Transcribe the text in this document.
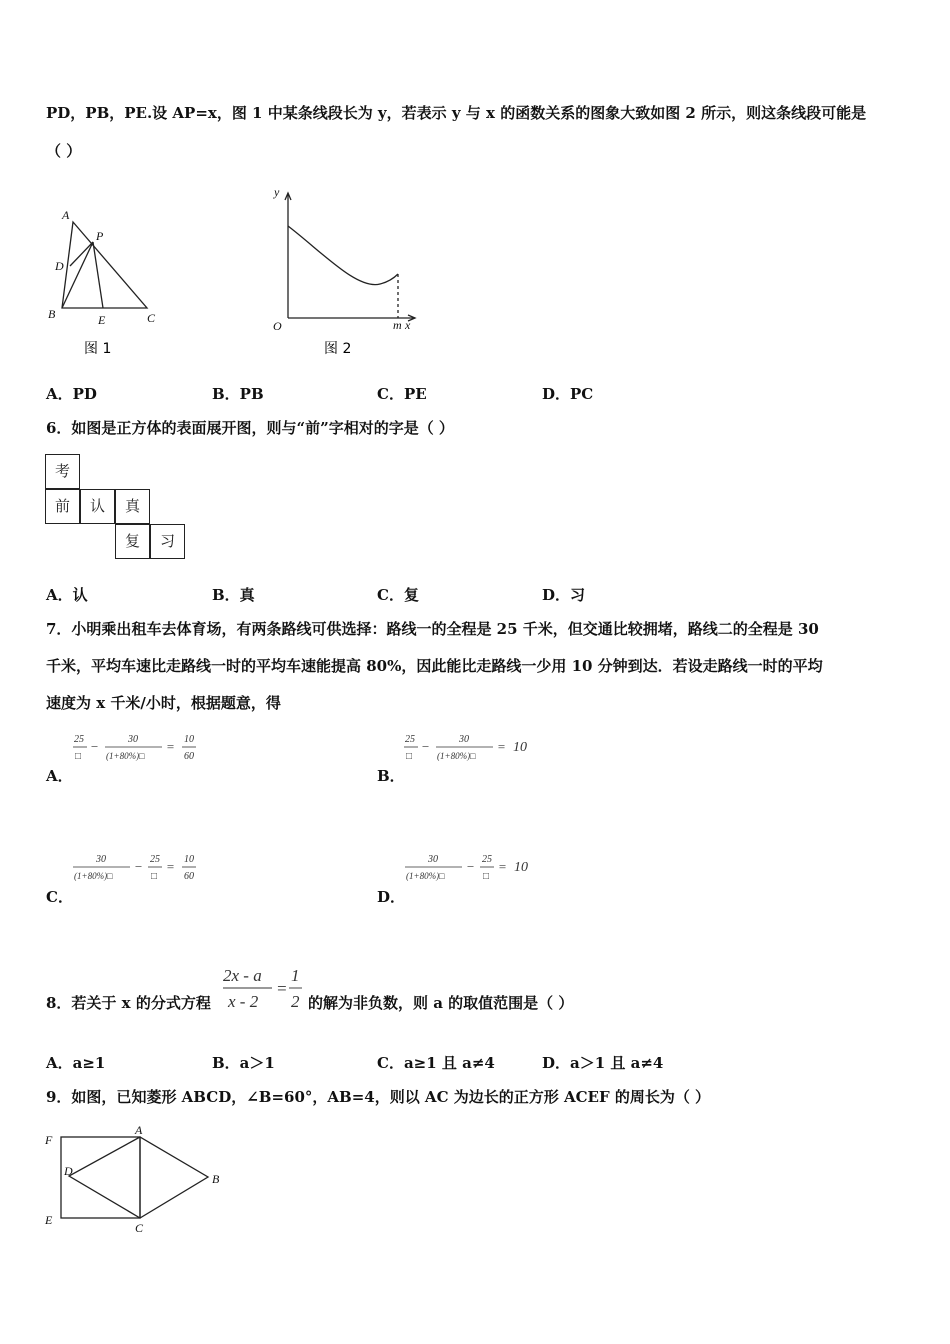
PD，PB，PE.设 AP=x，图 1 中某条线段长为 y，若表示 y 与 x 的函数关系的图象大致如图 2 所示，则这条线段可能是
（ ）
A
P
D
B	E	C
图 1
y
O	m x
图 2
A．PD	B．PB	C．PE	D．PC
6．如图是正方体的表面展开图，则与“前”字相对的字是（ ）
考
前	认	真
复	习
A．认	B．真	C．复	D．习
7．小明乘出租车去体育场，有两条路线可供选择：路线一的全程是 25 千米，但交通比较拥堵，路线二的全程是 30
千米，平均车速比走路线一时的平均车速能提高 80%，因此能比走路线一少用 10 分钟到达．若设走路线一时的平均
速度为 x 千米/小时，根据题意，得
25
□
−	30
(1+80%)□
= 10
60
A．
25
□
−	30
(1+80%)□
= 10
B．
30
(1+80%)□
− 25
□
= 10
60
C．
30
(1+80%)□
− 25
□
= 10
D．
8．若关于 x 的分式方程
2x - a
x - 2
=
1
2 的解为非负数，则 a 的取值范围是（ ）
A．a≥1	B．a＞1	C．a≥1 且 a≠4	D．a＞1 且 a≠4
9．如图，已知菱形 ABCD，∠B=60°，AB=4，则以 AC 为边长的正方形 ACEF 的周长为（ ）
F
A
D
B
E
C
